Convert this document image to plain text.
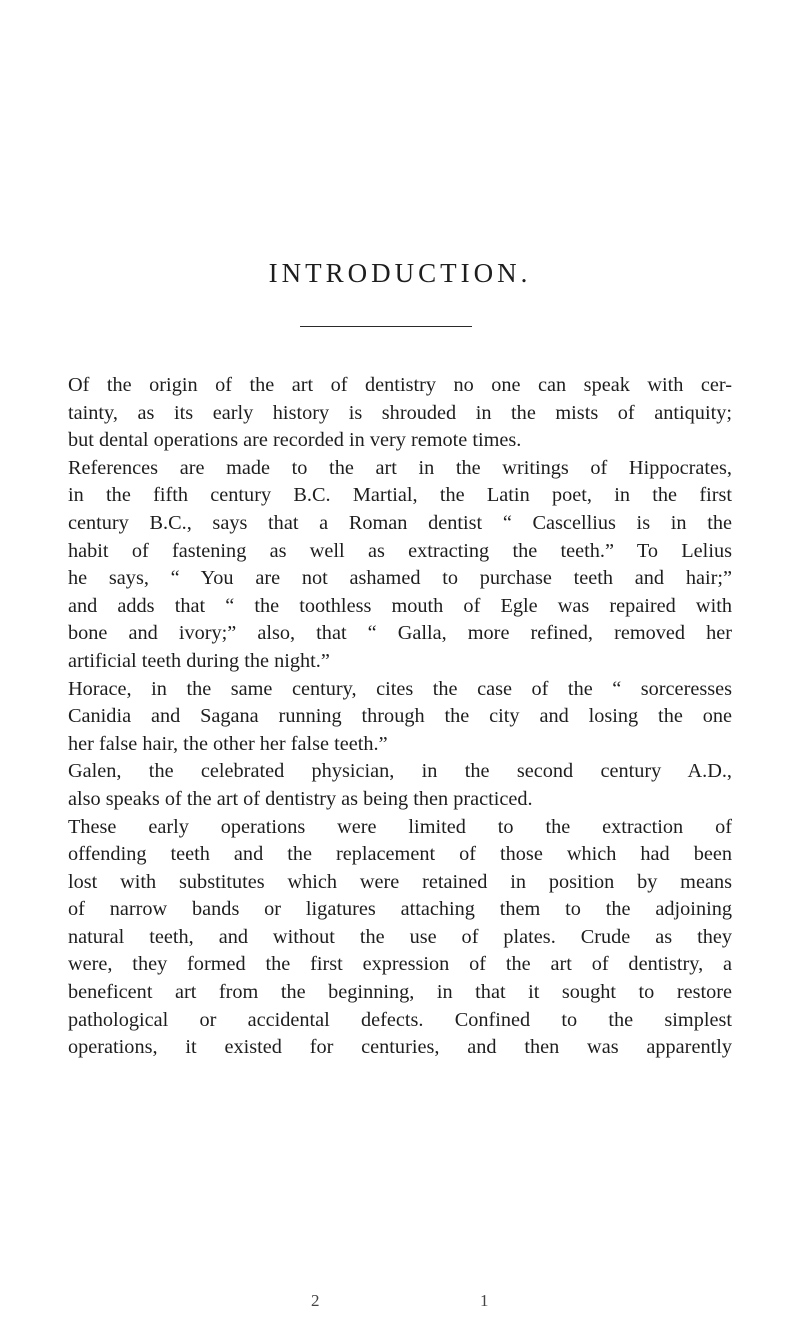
INTRODUCTION.
Of the origin of the art of dentistry no one can speak with cer-
tainty, as its early history is shrouded in the mists of antiquity;
but dental operations are recorded in very remote times.
References are made to the art in the writings of Hippocrates,
in the fifth century B.C. Martial, the Latin poet, in the first
century B.C., says that a Roman dentist “ Cascellius is in the
habit of fastening as well as extracting the teeth.” To Lelius
he says, “ You are not ashamed to purchase teeth and hair;”
and adds that “ the toothless mouth of Egle was repaired with
bone and ivory;” also, that “ Galla, more refined, removed her
artificial teeth during the night.”
Horace, in the same century, cites the case of the “ sorceresses
Canidia and Sagana running through the city and losing the one
her false hair, the other her false teeth.”
Galen, the celebrated physician, in the second century A.D.,
also speaks of the art of dentistry as being then practiced.
These early operations were limited to the extraction of
offending teeth and the replacement of those which had been
lost with substitutes which were retained in position by means
of narrow bands or ligatures attaching them to the adjoining
natural teeth, and without the use of plates. Crude as they
were, they formed the first expression of the art of dentistry, a
beneficent art from the beginning, in that it sought to restore
pathological or accidental defects. Confined to the simplest
operations, it existed for centuries, and then was apparently
2	1
